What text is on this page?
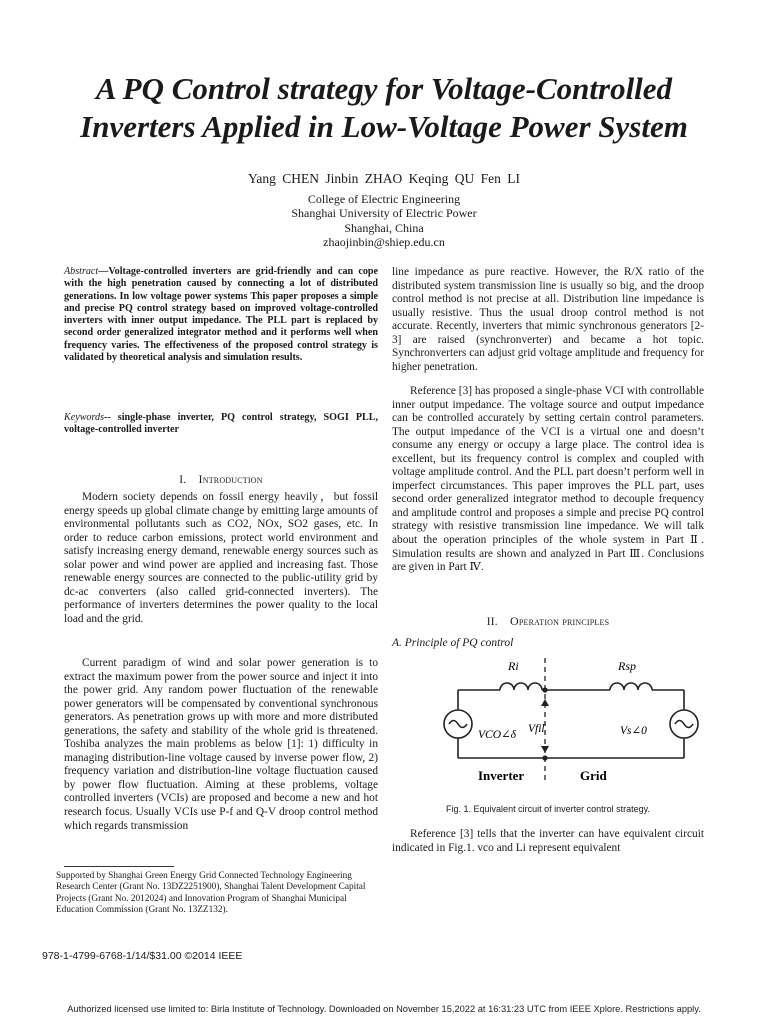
A PQ Control strategy for Voltage-Controlled Inverters Applied in Low-Voltage Power System
Yang CHEN Jinbin ZHAO Keqing QU Fen LI
College of Electric Engineering
Shanghai University of Electric Power
Shanghai, China
zhaojinbin@shiep.edu.cn
Abstract—Voltage-controlled inverters are grid-friendly and can cope with the high penetration caused by connecting a lot of distributed generations. In low voltage power systems This paper proposes a simple and precise PQ control strategy based on improved voltage-controlled inverters with inner output impedance. The PLL part is replaced by second order generalized integrator method and it performs well when frequency varies. The effectiveness of the proposed control strategy is validated by theoretical analysis and simulation results.
Keywords-- single-phase inverter, PQ control strategy, SOGI PLL, voltage-controlled inverter
I. Introduction
Modern society depends on fossil energy heavily，but fossil energy speeds up global climate change by emitting large amounts of environmental pollutants such as CO2, NOx, SO2 gases, etc. In order to reduce carbon emissions, protect world environment and satisfy increasing energy demand, renewable energy sources such as solar power and wind power are applied and increasing fast. Those renewable energy sources are connected to the public-utility grid by dc-ac converters (also called grid-connected inverters). The performance of inverters determines the power quality to the local load and the grid.
Current paradigm of wind and solar power generation is to extract the maximum power from the power source and inject it into the power grid. Any random power fluctuation of the renewable power generators will be compensated by conventional synchronous generators. As penetration grows up with more and more distributed generations, the safety and stability of the whole grid is threatened. Toshiba analyzes the main problems as below [1]: 1) difficulty in managing distribution-line voltage caused by inverse power flow, 2) frequency variation and distribution-line voltage fluctuation caused by power flow fluctuation. Aiming at these problems, voltage controlled inverters (VCIs) are proposed and become a new and hot research focus. Usually VCIs use P-f and Q-V droop control method which regards transmission
Supported by Shanghai Green Energy Grid Connected Technology Engineering Research Center (Grant No. 13DZ2251900), Shanghai Talent Development Capital Projects (Grant No. 2012024) and Innovation Program of Shanghai Municipal Education Commission (Grant No. 13ZZ132).
978-1-4799-6768-1/14/$31.00 ©2014 IEEE
line impedance as pure reactive. However, the R/X ratio of the distributed system transmission line is usually so big, and the droop control method is not precise at all. Distribution line impedance is usually resistive. Thus the usual droop control method is not accurate. Recently, inverters that mimic synchronous generators [2-3] are raised (synchronverter) and became a hot topic. Synchronverters can adjust grid voltage amplitude and frequency for higher penetration.
Reference [3] has proposed a single-phase VCI with controllable inner output impedance. The voltage source and output impedance can be controlled accurately by setting certain control parameters. The output impedance of the VCI is a virtual one and doesn’t consume any energy or occupy a large place. The control idea is excellent, but its frequency control is complex and coupled with voltage amplitude control. And the PLL part doesn’t perform well in imperfect circumstances. This paper improves the PLL part, uses second order generalized integrator method to decouple frequency and amplitude control and proposes a simple and precise PQ control strategy with resistive transmission line impedance. We will talk about the operation principles of the whole system in Part Ⅱ. Simulation results are shown and analyzed in Part Ⅲ. Conclusions are given in Part Ⅳ.
II. Operation principles
A. Principle of PQ control
Ri	Rsp
VCO∠δ Vfil	Vs∠0
Inverter	Grid
Fig. 1. Equivalent circuit of inverter control strategy.
Reference [3] tells that the inverter can have equivalent circuit indicated in Fig.1. vco and Li represent equivalent
Authorized licensed use limited to: Birla Institute of Technology. Downloaded on November 15,2022 at 16:31:23 UTC from IEEE Xplore. Restrictions apply.
